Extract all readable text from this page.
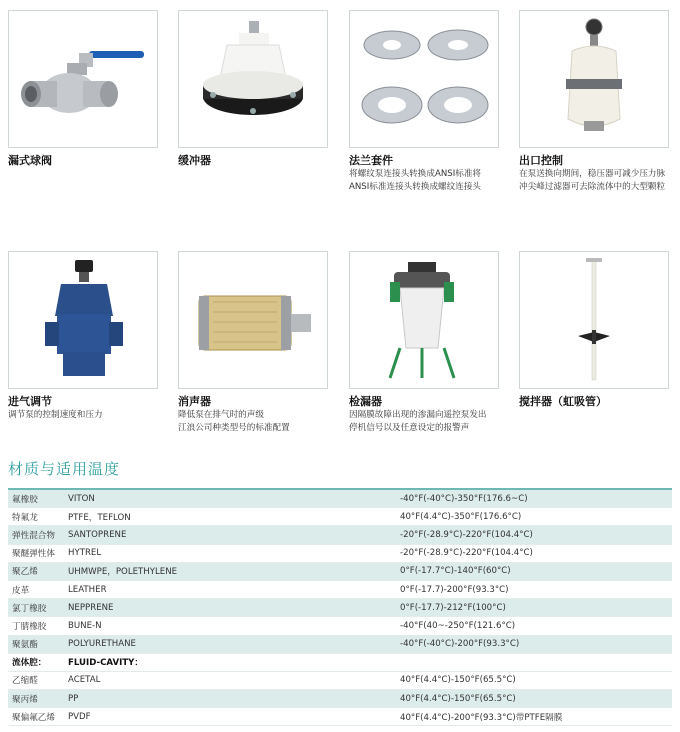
漏式球阀	缓冲器	法兰套件
将螺纹泵连接头转换成ANSI标准将
ANSI标准连接头转换成螺纹连接头
出口控制
在泵送换向期间，稳压器可减少压力脉
冲尖峰过滤器可去除流体中的大型颗粒
进气调节
调节泵的控制速度和压力
消声器
降低泵在排气时的声级
江浪公司种类型号的标准配置
检漏器
因隔膜故障出现的渗漏向遥控泵发出
停机信号以及任意设定的报警声
搅拌器（虹吸管）
材质与适用温度
氟橡胶	VITON	-40°F(-40°C)-350°F(176.6~C)
特氟龙	PTFE，TEFLON	40°F(4.4°C)-350°F(176.6°C)
弹性混合物	SANTOPRENE	-20°F(-28.9°C)-220°F(104.4°C)
聚醚弹性体	HYTREL	-20°F(-28.9°C)-220°F(104.4°C)
聚乙烯	UHMWPE，POLETHYLENE	0°F(-17.7°C)-140°F(60°C)
皮革	LEATHER	0°F(-17.7)-200°F(93.3°C)
氯丁橡胶	NEPPRENE	0°F(-17.7)-212°F(100°C)
丁腈橡胶	BUNE-N	-40°F(40~-250°F(121.6°C)
聚氨酯	POLYURETHANE	-40°F(-40°C)-200°F(93.3°C)
流体腔：	FLUID-CAVITY：	
乙缩醛	ACETAL	40°F(4.4°C)-150°F(65.5°C)
聚丙烯	PP	40°F(4.4°C)-150°F(65.5°C)
聚偏氟乙烯	PVDF	40°F(4.4°C)-200°F(93.3°C)带PTFE隔膜
